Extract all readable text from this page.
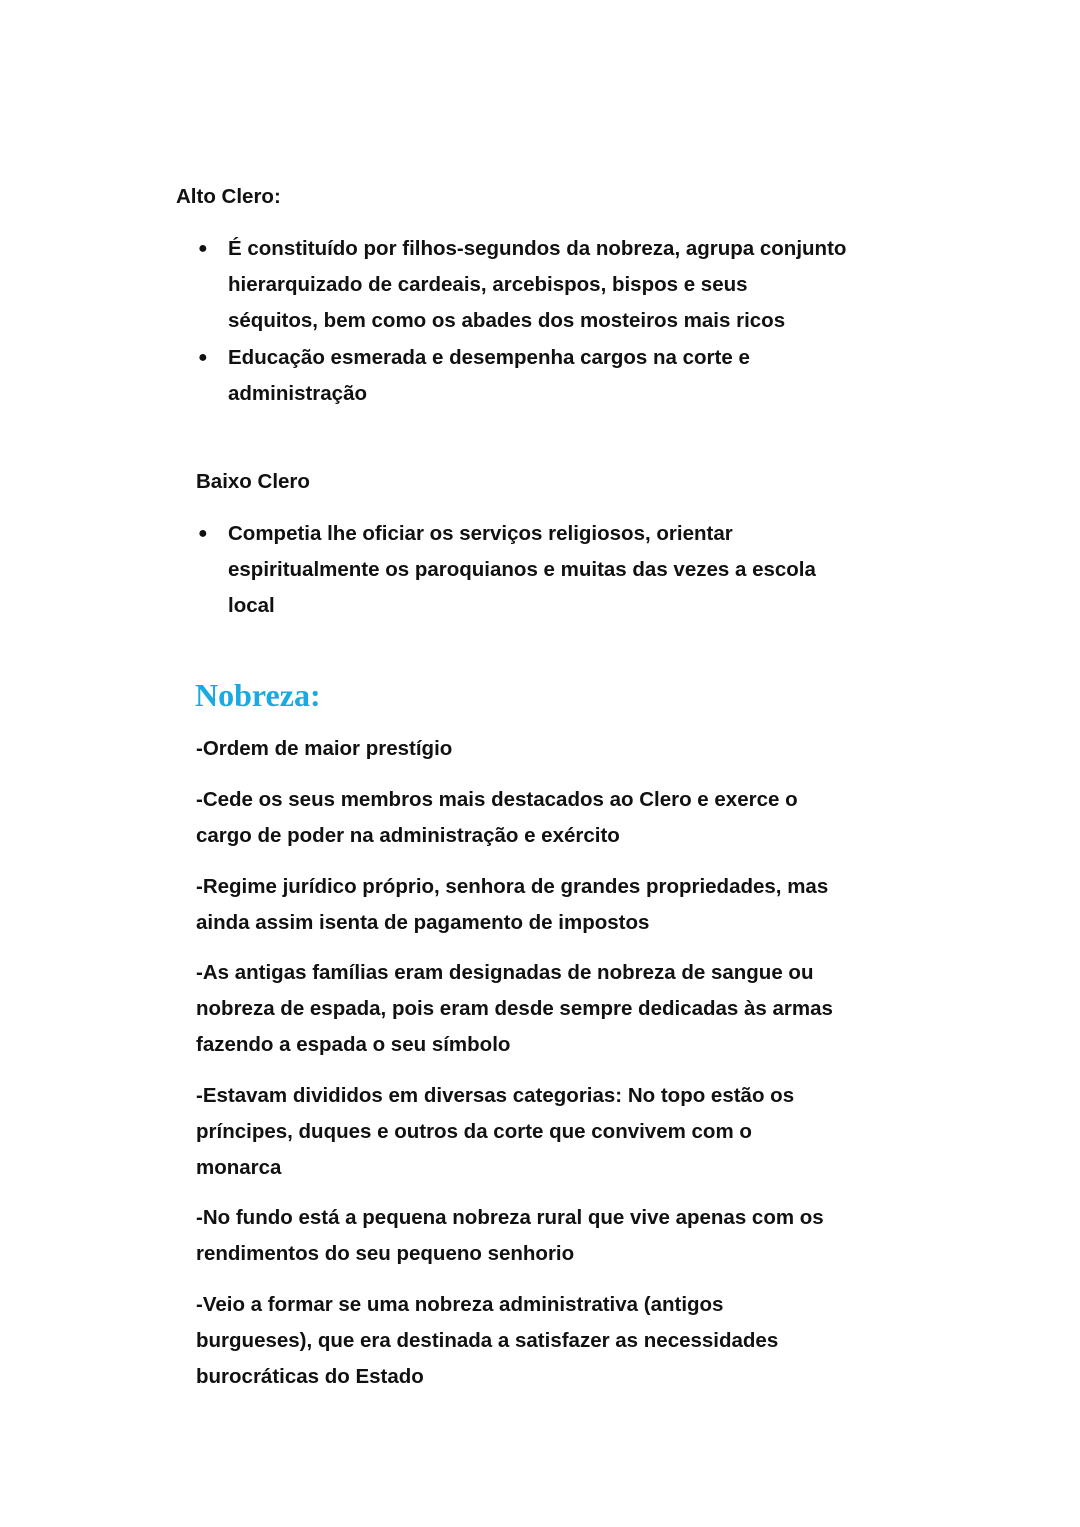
Alto Clero:
● É constituído por filhos-segundos da nobreza, agrupa conjunto
hierarquizado de cardeais, arcebispos, bispos e seus
séquitos, bem como os abades dos mosteiros mais ricos
● Educação esmerada e desempenha cargos na corte e
administração
Baixo Clero
● Competia lhe oficiar os serviços religiosos, orientar
espiritualmente os paroquianos e muitas das vezes a escola
local
Nobreza:
-Ordem de maior prestígio
-Cede os seus membros mais destacados ao Clero e exerce o
cargo de poder na administração e exército
-Regime jurídico próprio, senhora de grandes propriedades, mas
ainda assim isenta de pagamento de impostos
-As antigas famílias eram designadas de nobreza de sangue ou
nobreza de espada, pois eram desde sempre dedicadas às armas
fazendo a espada o seu símbolo
-Estavam divididos em diversas categorias: No topo estão os
príncipes, duques e outros da corte que convivem com o
monarca
-No fundo está a pequena nobreza rural que vive apenas com os
rendimentos do seu pequeno senhorio
-Veio a formar se uma nobreza administrativa (antigos
burgueses), que era destinada a satisfazer as necessidades
burocráticas do Estado
